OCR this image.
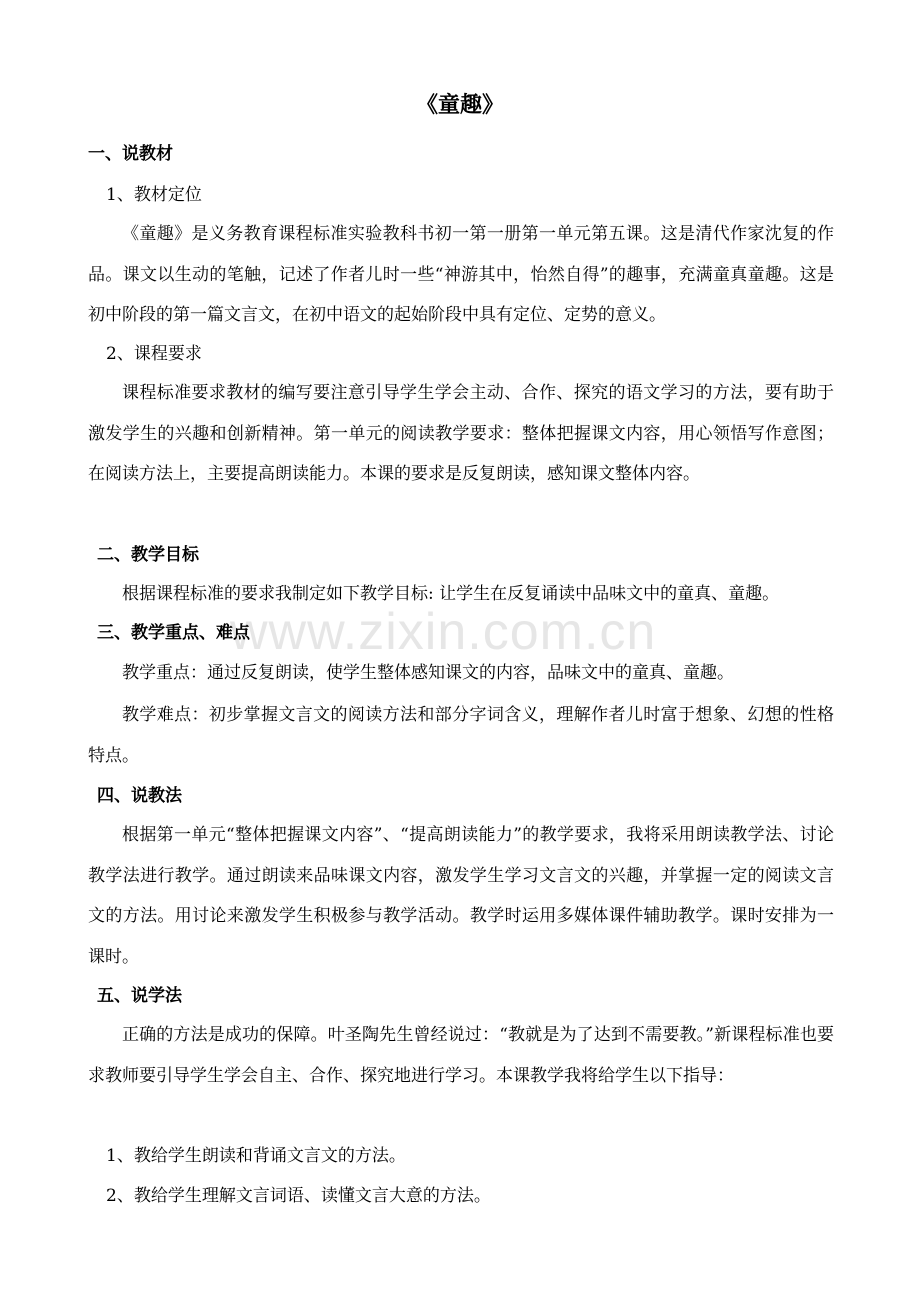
www.zixin.com.cn
《童趣》
一、说教材
1、教材定位
《童趣》是义务教育课程标准实验教科书初一第一册第一单元第五课。这是清代作家沈复的作品。课文以生动的笔触，记述了作者儿时一些“神游其中，怡然自得”的趣事，充满童真童趣。这是初中阶段的第一篇文言文，在初中语文的起始阶段中具有定位、定势的意义。
2、课程要求
课程标准要求教材的编写要注意引导学生学会主动、合作、探究的语文学习的方法，要有助于激发学生的兴趣和创新精神。第一单元的阅读教学要求：整体把握课文内容，用心领悟写作意图；在阅读方法上，主要提高朗读能力。本课的要求是反复朗读，感知课文整体内容。
二、教学目标
根据课程标准的要求我制定如下教学目标: 让学生在反复诵读中品味文中的童真、童趣。
三、教学重点、难点
教学重点：通过反复朗读，使学生整体感知课文的内容，品味文中的童真、童趣。
教学难点：初步掌握文言文的阅读方法和部分字词含义，理解作者儿时富于想象、幻想的性格特点。
四、说教法
根据第一单元“整体把握课文内容”、“提高朗读能力”的教学要求，我将采用朗读教学法、讨论教学法进行教学。通过朗读来品味课文内容，激发学生学习文言文的兴趣，并掌握一定的阅读文言文的方法。用讨论来激发学生积极参与教学活动。教学时运用多媒体课件辅助教学。课时安排为一课时。
五、说学法
正确的方法是成功的保障。叶圣陶先生曾经说过：“教就是为了达到不需要教。”新课程标准也要求教师要引导学生学会自主、合作、探究地进行学习。本课教学我将给学生以下指导：
1、教给学生朗读和背诵文言文的方法。
2、教给学生理解文言词语、读懂文言大意的方法。
